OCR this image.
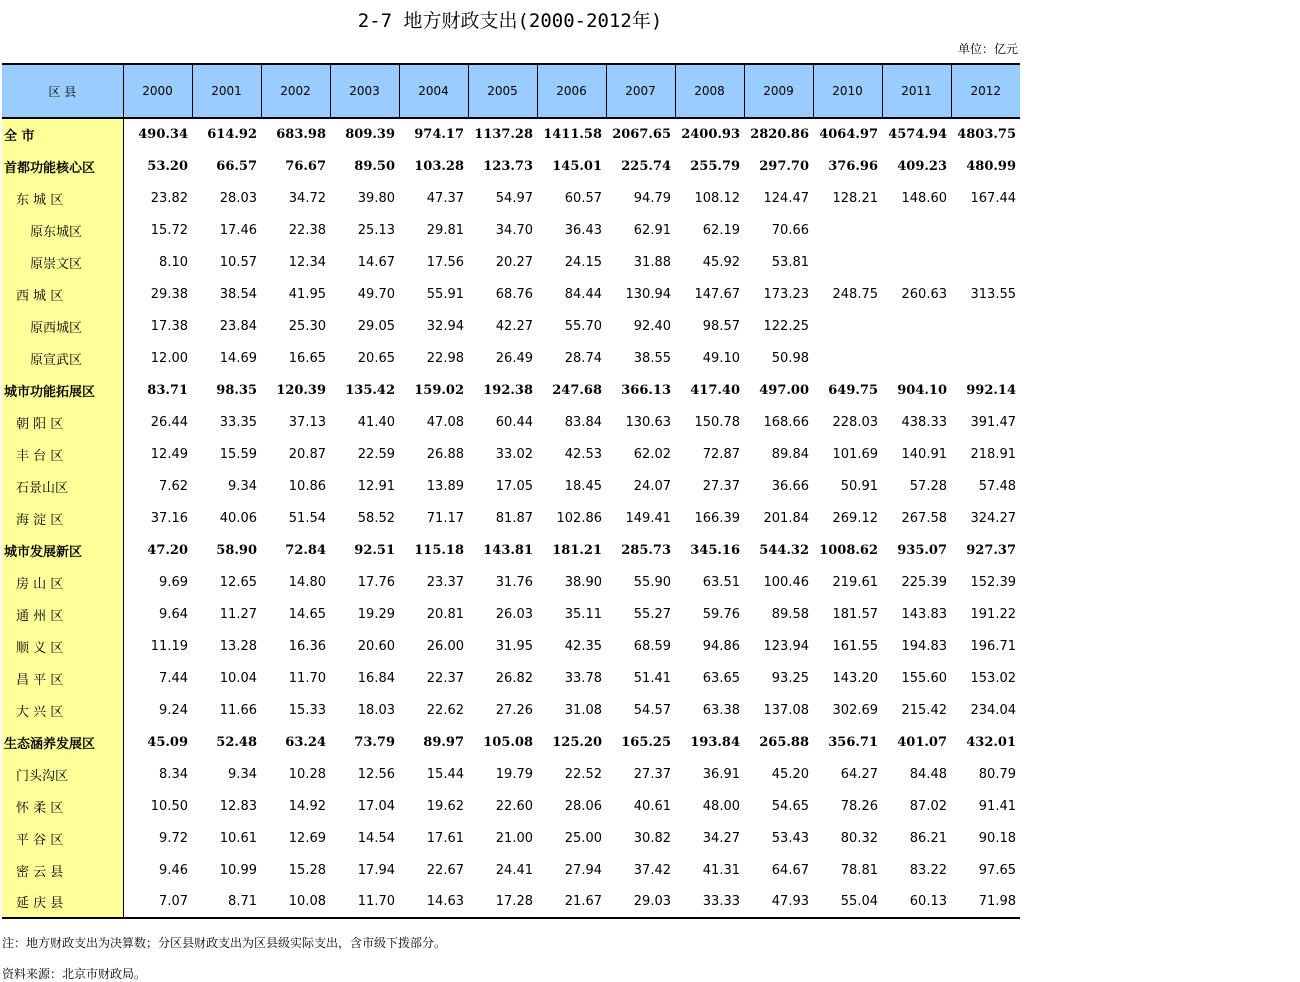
2-7 地方财政支出(2000-2012年)
单位：亿元
区 县	2000	2001	2002	2003	2004	2005	2006	2007	2008	2009	2010	2011	2012
全 市	490.34	614.92	683.98	809.39	974.17	1137.28	1411.58	2067.65	2400.93	2820.86	4064.97	4574.94	4803.75
首都功能核心区	53.20	66.57	76.67	89.50	103.28	123.73	145.01	225.74	255.79	297.70	376.96	409.23	480.99
东 城 区	23.82	28.03	34.72	39.80	47.37	54.97	60.57	94.79	108.12	124.47	128.21	148.60	167.44
原东城区	15.72	17.46	22.38	25.13	29.81	34.70	36.43	62.91	62.19	70.66			
原崇文区	8.10	10.57	12.34	14.67	17.56	20.27	24.15	31.88	45.92	53.81			
西 城 区	29.38	38.54	41.95	49.70	55.91	68.76	84.44	130.94	147.67	173.23	248.75	260.63	313.55
原西城区	17.38	23.84	25.30	29.05	32.94	42.27	55.70	92.40	98.57	122.25			
原宣武区	12.00	14.69	16.65	20.65	22.98	26.49	28.74	38.55	49.10	50.98			
城市功能拓展区	83.71	98.35	120.39	135.42	159.02	192.38	247.68	366.13	417.40	497.00	649.75	904.10	992.14
朝 阳 区	26.44	33.35	37.13	41.40	47.08	60.44	83.84	130.63	150.78	168.66	228.03	438.33	391.47
丰 台 区	12.49	15.59	20.87	22.59	26.88	33.02	42.53	62.02	72.87	89.84	101.69	140.91	218.91
石景山区	7.62	9.34	10.86	12.91	13.89	17.05	18.45	24.07	27.37	36.66	50.91	57.28	57.48
海 淀 区	37.16	40.06	51.54	58.52	71.17	81.87	102.86	149.41	166.39	201.84	269.12	267.58	324.27
城市发展新区	47.20	58.90	72.84	92.51	115.18	143.81	181.21	285.73	345.16	544.32	1008.62	935.07	927.37
房 山 区	9.69	12.65	14.80	17.76	23.37	31.76	38.90	55.90	63.51	100.46	219.61	225.39	152.39
通 州 区	9.64	11.27	14.65	19.29	20.81	26.03	35.11	55.27	59.76	89.58	181.57	143.83	191.22
顺 义 区	11.19	13.28	16.36	20.60	26.00	31.95	42.35	68.59	94.86	123.94	161.55	194.83	196.71
昌 平 区	7.44	10.04	11.70	16.84	22.37	26.82	33.78	51.41	63.65	93.25	143.20	155.60	153.02
大 兴 区	9.24	11.66	15.33	18.03	22.62	27.26	31.08	54.57	63.38	137.08	302.69	215.42	234.04
生态涵养发展区	45.09	52.48	63.24	73.79	89.97	105.08	125.20	165.25	193.84	265.88	356.71	401.07	432.01
门头沟区	8.34	9.34	10.28	12.56	15.44	19.79	22.52	27.37	36.91	45.20	64.27	84.48	80.79
怀 柔 区	10.50	12.83	14.92	17.04	19.62	22.60	28.06	40.61	48.00	54.65	78.26	87.02	91.41
平 谷 区	9.72	10.61	12.69	14.54	17.61	21.00	25.00	30.82	34.27	53.43	80.32	86.21	90.18
密 云 县	9.46	10.99	15.28	17.94	22.67	24.41	27.94	37.42	41.31	64.67	78.81	83.22	97.65
延 庆 县	7.07	8.71	10.08	11.70	14.63	17.28	21.67	29.03	33.33	47.93	55.04	60.13	71.98
注：地方财政支出为决算数；分区县财政支出为区县级实际支出，含市级下拨部分。
资料来源：北京市财政局。
